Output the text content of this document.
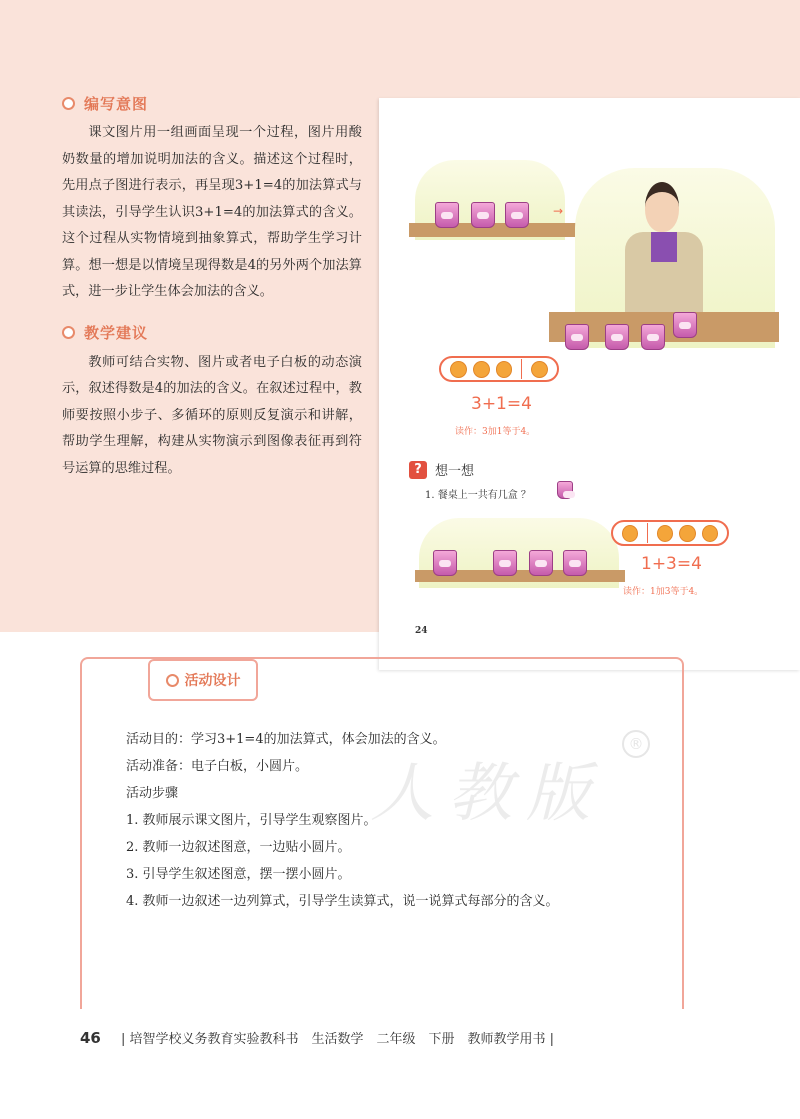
编写意图

课文图片用一组画面呈现一个过程，图片用酸奶数量的增加说明加法的含义。描述这个过程时，先用点子图进行表示，再呈现3+1=4的加法算式与其读法，引导学生认识3+1=4的加法算式的含义。这个过程从实物情境到抽象算式，帮助学生学习计算。想一想是以情境呈现得数是4的另外两个加法算式，进一步让学生体会加法的含义。

教学建议

教师可结合实物、图片或者电子白板的动态演示，叙述得数是4的加法的含义。在叙述过程中，教师要按照小步子、多循环的原则反复演示和讲解，帮助学生理解，构建从实物演示到图像表征再到符号运算的思维过程。

→
3+1=4
读作：3加1等于4。
?	想一想
1. 餐桌上一共有几盒 ？
1+3=4
读作：1加3等于4。
24
活动设计
人教版
®

活动目的：学习3+1=4的加法算式，体会加法的含义。

活动准备：电子白板，小圆片。

活动步骤

1. 教师展示课文图片，引导学生观察图片。

2. 教师一边叙述图意，一边贴小圆片。

3. 引导学生叙述图意，摆一摆小圆片。

4. 教师一边叙述一边列算式，引导学生读算式，说一说算式每部分的含义。

46 | 培智学校义务教育实验教科书　生活数学　二年级　下册　教师教学用书 |
